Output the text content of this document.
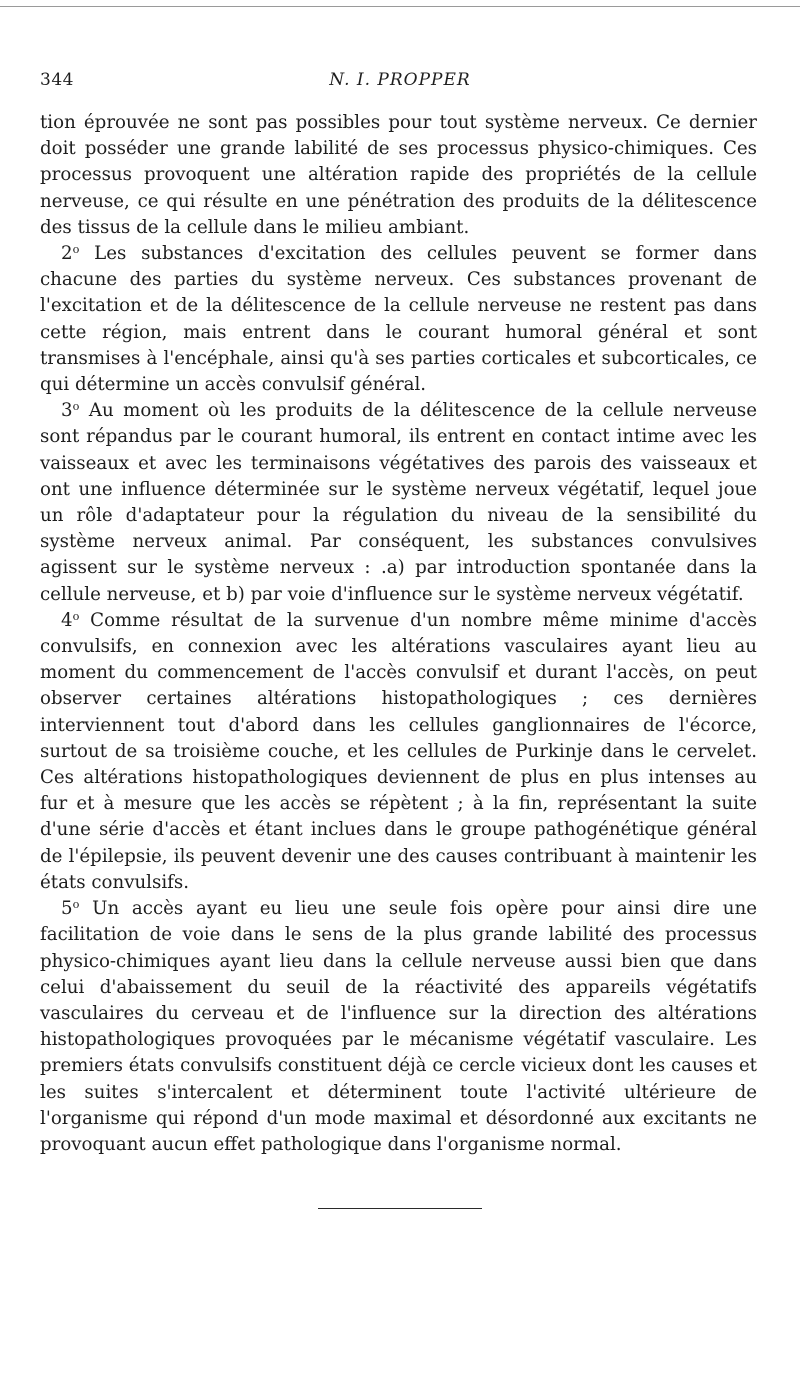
344	N. I. PROPPER

tion éprouvée ne sont pas possibles pour tout système nerveux. Ce dernier doit posséder une grande labilité de ses processus physico-chimiques. Ces processus provoquent une altération rapide des propriétés de la cellule nerveuse, ce qui résulte en une pénétration des produits de la délitescence des tissus de la cellule dans le milieu ambiant.

2$^o$ Les substances d'excitation des cellules peuvent se former dans chacune des parties du système nerveux. Ces substances provenant de l'excitation et de la délitescence de la cellule nerveuse ne restent pas dans cette région, mais entrent dans le courant humoral général et sont transmises à l'encéphale, ainsi qu'à ses parties corticales et subcorticales, ce qui détermine un accès convulsif général.

3$^o$ Au moment où les produits de la délitescence de la cellule nerveuse sont répandus par le courant humoral, ils entrent en contact intime avec les vaisseaux et avec les terminaisons végétatives des parois des vaisseaux et ont une influence déterminée sur le système nerveux végétatif, lequel joue un rôle d'adaptateur pour la régulation du niveau de la sensibilité du système nerveux animal. Par conséquent, les substances convulsives agissent sur le système nerveux : .a) par introduction spontanée dans la cellule nerveuse, et b) par voie d'influence sur le système nerveux végétatif.

4$^o$ Comme résultat de la survenue d'un nombre même minime d'accès convulsifs, en connexion avec les altérations vasculaires ayant lieu au moment du commencement de l'accès convulsif et durant l'accès, on peut observer certaines altérations histopathologiques ; ces dernières interviennent tout d'abord dans les cellules ganglionnaires de l'écorce, surtout de sa troisième couche, et les cellules de Purkinje dans le cervelet. Ces altérations histopathologiques deviennent de plus en plus intenses au fur et à mesure que les accès se répètent ; à la fin, représentant la suite d'une série d'accès et étant inclues dans le groupe pathogénétique général de l'épilepsie, ils peuvent devenir une des causes contribuant à maintenir les états convulsifs.

5$^o$ Un accès ayant eu lieu une seule fois opère pour ainsi dire une facilitation de voie dans le sens de la plus grande labilité des processus physico-chimiques ayant lieu dans la cellule nerveuse aussi bien que dans celui d'abaissement du seuil de la réactivité des appareils végétatifs vasculaires du cerveau et de l'influence sur la direction des altérations histopathologiques provoquées par le mécanisme végétatif vasculaire. Les premiers états convulsifs constituent déjà ce cercle vicieux dont les causes et les suites s'intercalent et déterminent toute l'activité ultérieure de l'organisme qui répond d'un mode maximal et désordonné aux excitants ne provoquant aucun effet pathologique dans l'organisme normal.
